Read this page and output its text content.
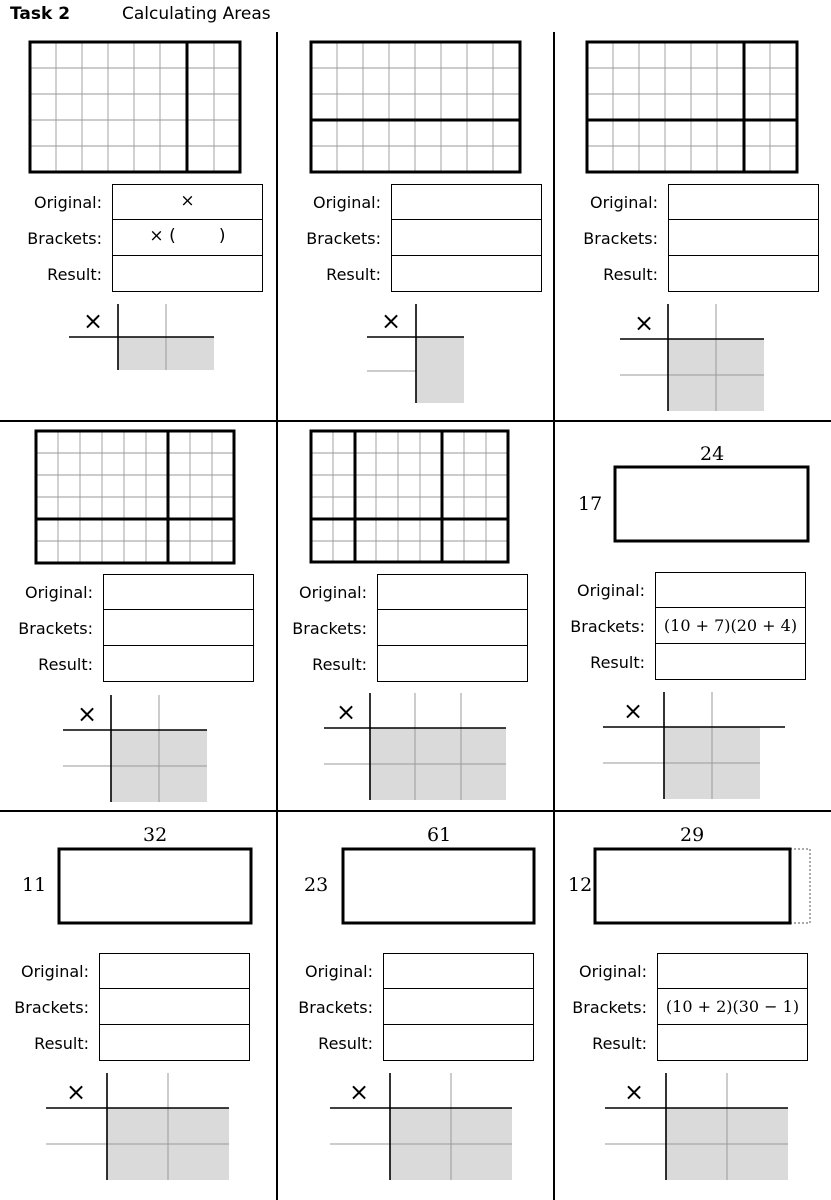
Task 2	Calculating Areas
×
Original:	×
Brackets:	× (        )
Result:
×
Original:
Brackets:
Result:
×
Original:
Brackets:
Result:
×
Original:
Brackets:
Result:
×
Original:
Brackets:
Result:
24
17
×
Original:
Brackets:	(10 + 7)(20 + 4)
Result:
32
11
×
Original:
Brackets:
Result:
61
23
×
Original:
Brackets:
Result:
29
12
×
Original:
Brackets:	(10 + 2)(30 − 1)
Result:
